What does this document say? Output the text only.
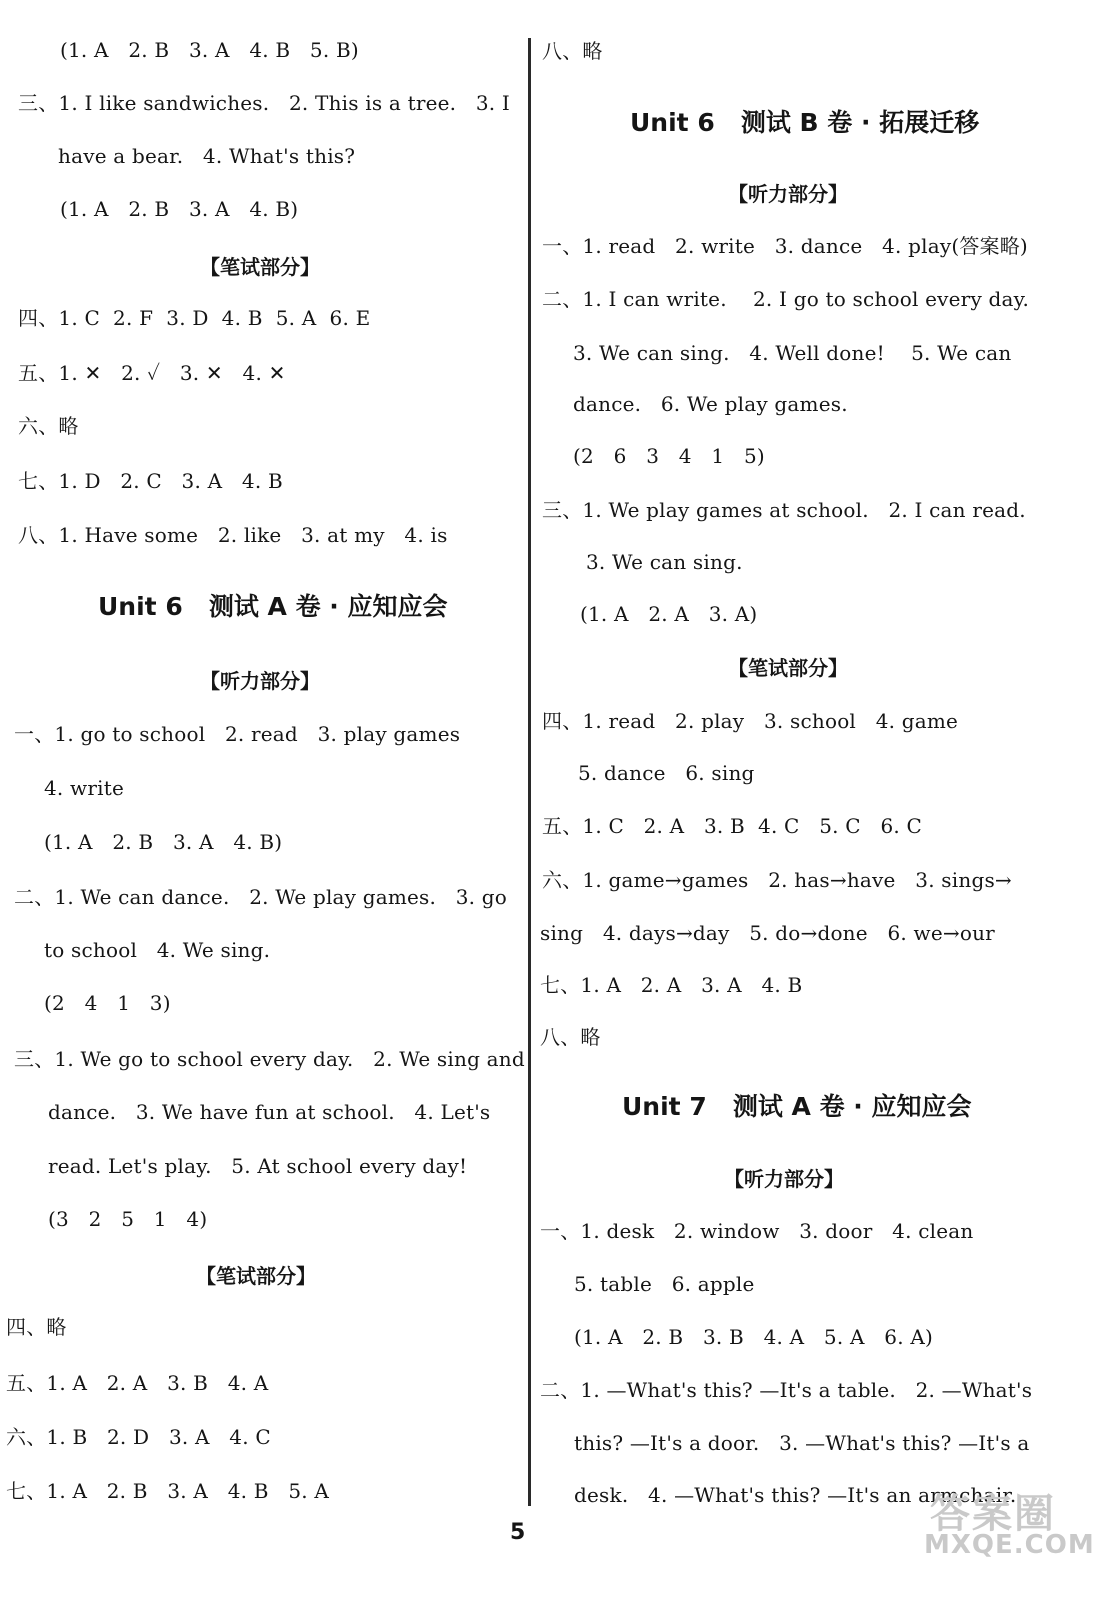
(1. A   2. B   3. A   4. B   5. B)
三、1. I like sandwiches.   2. This is a tree.   3. I
have a bear.   4. What's this?
(1. A   2. B   3. A   4. B)
【笔试部分】
四、1. C  2. F  3. D  4. B  5. A  6. E
五、1. ✕   2. ✓   3. ✕   4. ✕
六、略
七、1. D   2. C   3. A   4. B
八、1. Have some   2. like   3. at my   4. is
Unit 6   测试 A 卷 · 应知应会
【听力部分】
一、1. go to school   2. read   3. play games
4. write
(1. A   2. B   3. A   4. B)
二、1. We can dance.   2. We play games.   3. go
to school   4. We sing.
(2   4   1   3)
三、1. We go to school every day.   2. We sing and
dance.   3. We have fun at school.   4. Let's
read. Let's play.   5. At school every day!
(3   2   5   1   4)
【笔试部分】
四、略
五、1. A   2. A   3. B   4. A
六、1. B   2. D   3. A   4. C
七、1. A   2. B   3. A   4. B   5. A
八、略
Unit 6   测试 B 卷 · 拓展迁移
【听力部分】
一、1. read   2. write   3. dance   4. play(答案略)
二、1. I can write.    2. I go to school every day.
3. We can sing.   4. Well done!    5. We can
dance.   6. We play games.
(2   6   3   4   1   5)
三、1. We play games at school.   2. I can read.
3. We can sing.
(1. A   2. A   3. A)
【笔试部分】
四、1. read   2. play   3. school   4. game
5. dance   6. sing
五、1. C   2. A   3. B  4. C   5. C   6. C
六、1. game→games   2. has→have   3. sings→
sing   4. days→day   5. do→done   6. we→our
七、1. A   2. A   3. A   4. B
八、略
Unit 7   测试 A 卷 · 应知应会
【听力部分】
一、1. desk   2. window   3. door   4. clean
5. table   6. apple
(1. A   2. B   3. B   4. A   5. A   6. A)
二、1. —What's this? —It's a table.   2. —What's
this? —It's a door.   3. —What's this? —It's a
desk.   4. —What's this? —It's an armchair.
5	答案圈
MXQE.COM
